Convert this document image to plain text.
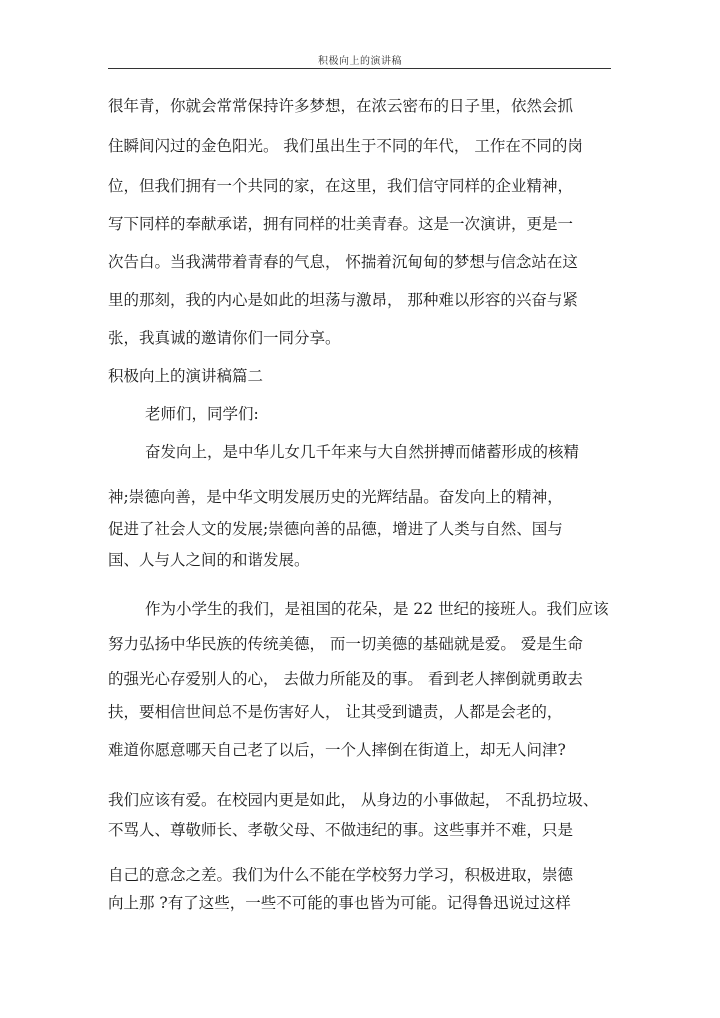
积极向上的演讲稿
很年青，你就会常常保持许多梦想，在浓云密布的日子里，依然会抓
住瞬间闪过的金色阳光。 我们虽出生于不同的年代， 工作在不同的岗
位，但我们拥有一个共同的家，在这里，我们信守同样的企业精神，
写下同样的奉献承诺，拥有同样的壮美青春。这是一次演讲，更是一
次告白。当我满带着青春的气息， 怀揣着沉甸甸的梦想与信念站在这
里的那刻，我的内心是如此的坦荡与激昂， 那种难以形容的兴奋与紧
张，我真诚的邀请你们一同分享。
积极向上的演讲稿篇二
老师们，同学们:
奋发向上，是中华儿女几千年来与大自然拼搏而储蓄形成的核精
神;崇德向善，是中华文明发展历史的光辉结晶。奋发向上的精神，
促进了社会人文的发展;崇德向善的品德，增进了人类与自然、国与
国、人与人之间的和谐发展。
作为小学生的我们，是祖国的花朵，是 22 世纪的接班人。我们应该
努力弘扬中华民族的传统美德， 而一切美德的基础就是爱。 爱是生命
的强光心存爱别人的心， 去做力所能及的事。 看到老人摔倒就勇敢去
扶，要相信世间总不是伤害好人， 让其受到谴责，人都是会老的，
难道你愿意哪天自己老了以后，一个人摔倒在街道上，却无人问津?
我们应该有爱。在校园内更是如此， 从身边的小事做起， 不乱扔垃圾、
不骂人、尊敬师长、孝敬父母、不做违纪的事。这些事并不难，只是
自己的意念之差。我们为什么不能在学校努力学习，积极进取，崇德
向上那 ?有了这些，一些不可能的事也皆为可能。记得鲁迅说过这样
